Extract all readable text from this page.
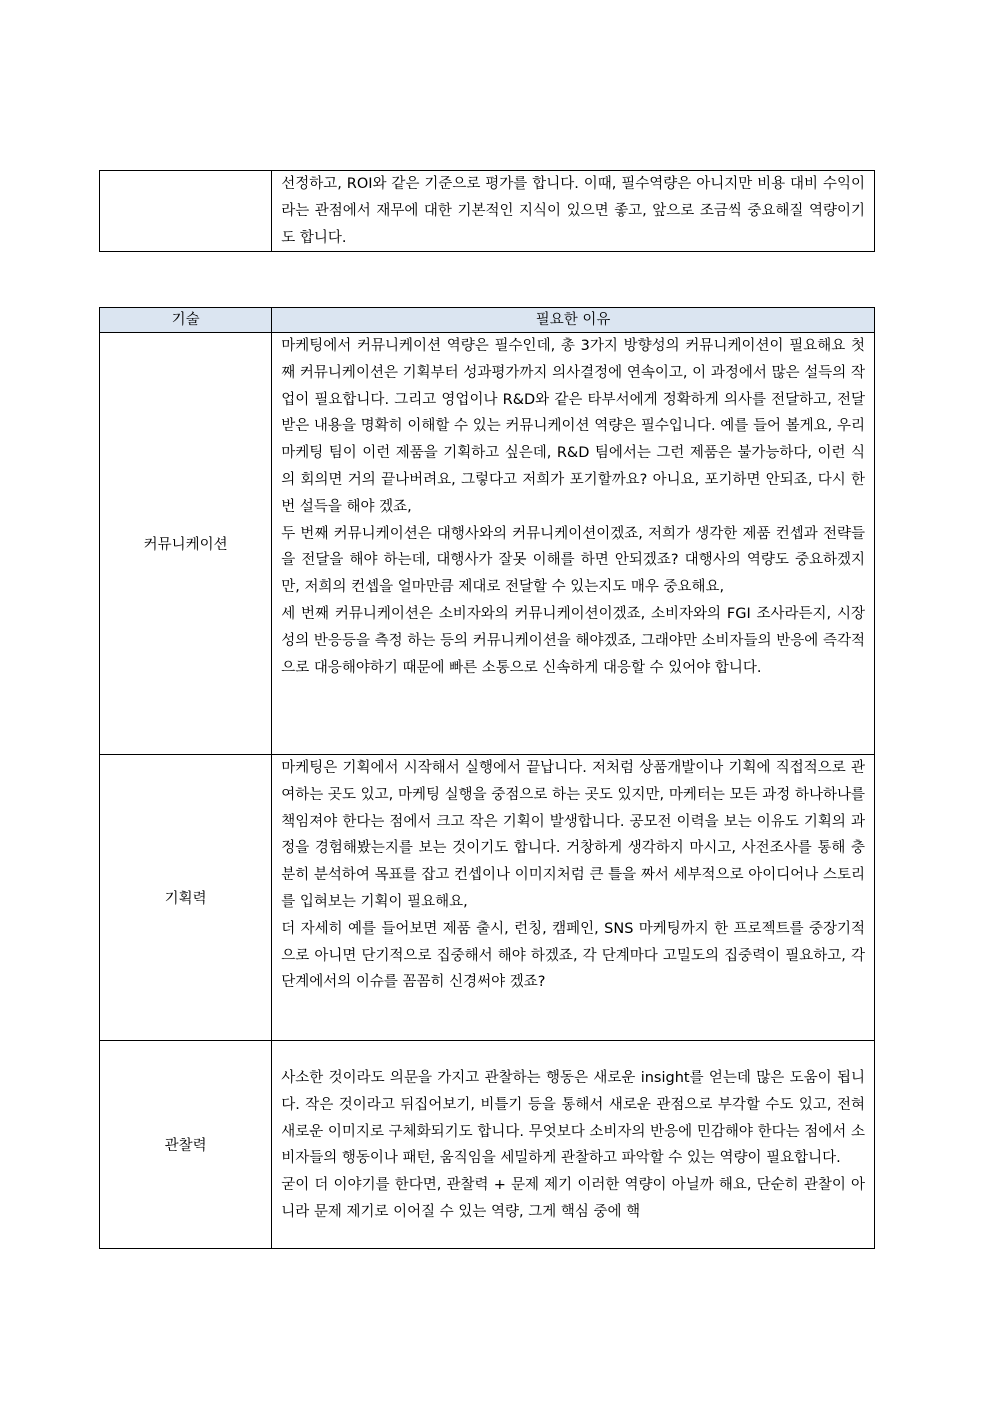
선정하고, ROI와 같은 기준으로 평가를 합니다. 이때, 필수역량은 아니지만 비용 대비 수익이라는 관점에서 재무에 대한 기본적인 지식이 있으면 좋고, 앞으로 조금씩 중요해질 역량이기도 합니다.

기술	필요한 이유
커뮤니케이션	마케팅에서 커뮤니케이션 역량은 필수인데, 총 3가지 방향성의 커뮤니케이션이 필요해요 첫째 커뮤니케이션은 기획부터 성과평가까지 의사결정에 연속이고, 이 과정에서 많은 설득의 작업이 필요합니다. 그리고 영업이나 R&D와 같은 타부서에게 정확하게 의사를 전달하고, 전달받은 내용을 명확히 이해할 수 있는 커뮤니케이션 역량은 필수입니다. 예를 들어 볼게요, 우리 마케팅 팀이 이런 제품을 기획하고 싶은데, R&D 팀에서는 그런 제품은 불가능하다, 이런 식의 회의면 거의 끝나버려요, 그렇다고 저희가 포기할까요? 아니요, 포기하면 안되죠, 다시 한 번 설득을 해야 겠죠,

두 번째 커뮤니케이션은 대행사와의 커뮤니케이션이겠죠, 저희가 생각한 제품 컨셉과 전략들을 전달을 해야 하는데, 대행사가 잘못 이해를 하면 안되겠죠? 대행사의 역량도 중요하겠지만, 저희의 컨셉을 얼마만큼 제대로 전달할 수 있는지도 매우 중요해요,

세 번째 커뮤니케이션은 소비자와의 커뮤니케이션이겠죠, 소비자와의 FGI 조사라든지, 시장성의 반응등을 측정 하는 등의 커뮤니케이션을 해야겠죠, 그래야만 소비자들의 반응에 즉각적으로 대응해야하기 때문에 빠른 소통으로 신속하게 대응할 수 있어야 합니다.

기획력	마케팅은 기획에서 시작해서 실행에서 끝납니다. 저처럼 상품개발이나 기획에 직접적으로 관여하는 곳도 있고, 마케팅 실행을 중점으로 하는 곳도 있지만, 마케터는 모든 과정 하나하나를 책임져야 한다는 점에서 크고 작은 기획이 발생합니다. 공모전 이력을 보는 이유도 기획의 과정을 경험해봤는지를 보는 것이기도 합니다. 거창하게 생각하지 마시고, 사전조사를 통해 충분히 분석하여 목표를 잡고 컨셉이나 이미지처럼 큰 틀을 짜서 세부적으로 아이디어나 스토리를 입혀보는 기획이 필요해요,

더 자세히 예를 들어보면 제품 출시, 런칭, 캠페인, SNS 마케팅까지 한 프로젝트를 중장기적으로 아니면 단기적으로 집중해서 해야 하겠죠, 각 단계마다 고밀도의 집중력이 필요하고, 각 단계에서의 이슈를 꼼꼼히 신경써야 겠죠?

관찰력	사소한 것이라도 의문을 가지고 관찰하는 행동은 새로운 insight를 얻는데 많은 도움이 됩니다. 작은 것이라고 뒤집어보기, 비틀기 등을 통해서 새로운 관점으로 부각할 수도 있고, 전혀 새로운 이미지로 구체화되기도 합니다. 무엇보다 소비자의 반응에 민감해야 한다는 점에서 소비자들의 행동이나 패턴, 움직임을 세밀하게 관찰하고 파악할 수 있는 역량이 필요합니다.

굳이 더 이야기를 한다면, 관찰력 + 문제 제기 이러한 역량이 아닐까 해요, 단순히 관찰이 아니라 문제 제기로 이어질 수 있는 역량, 그게 핵심 중에 핵
